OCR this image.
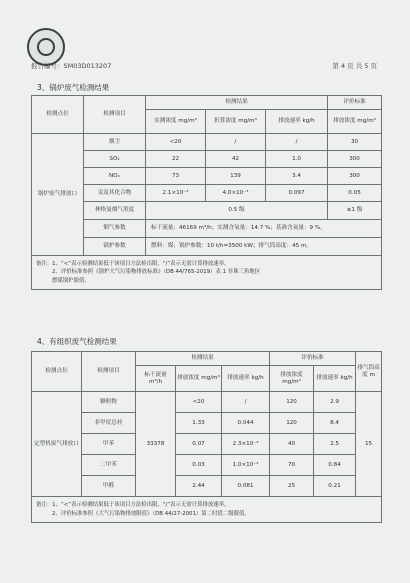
报告编号：SM03D013207	第 4 页 共 5 页
3、锅炉废气检测结果
检测点位	检测项目	检测结果			评价标准
		实测浓度 mg/m³	折算浓度 mg/m³	排放速率 kg/h	排放浓度 mg/m³
锅炉废气排放口	烟尘	<20	/	/	30
	SO₂	22	42	1.0	300
	NOₓ	73	139	3.4	300
	汞及其化合物	2.1×10⁻³	4.0×10⁻³	0.097	0.05
	林格曼烟气黑度	0.5 级			≤1 级
	烟气参数	标干流量：46169 m³/h；实测含氧量：14.7 %；基准含氧量：9 %。			
	锅炉参数	燃料：煤；锅炉参数：10 t/h=3500 kW；排气筒高度：45 m。			

备注：1、“<”表示检测结果低于该项目方法检出限，“/”表示无需计算排放速率。
2、评价标准参照《锅炉大气污染物排放标准》（DB 44/765-2019）表 1 非珠三角地区
燃煤锅炉限值。					
4、有组织废气检测结果
检测点位	检测项目	检测结果			评价标准		排气筒高度 m
		标干流量 m³/h	排放浓度 mg/m³	排放速率 kg/h	排放浓度 mg/m³	排放速率 kg/h	
定型机废气排放口	颗粒物	33378	<20	/	120	2.9	15
	非甲烷总烃		1.33	0.044	120	8.4	
	甲苯		0.07	2.3×10⁻³	40	2.5	
	二甲苯		0.03	1.0×10⁻³	70	0.84	
	甲醛		2.44	0.081	25	0.21	

备注：1、“<”表示检测结果低于该项目方法检出限，“/”表示无需计算排放速率。
2、评价标准参照《大气污染物排放限值》（DB 44/27-2001）第二时段二级限值。							
